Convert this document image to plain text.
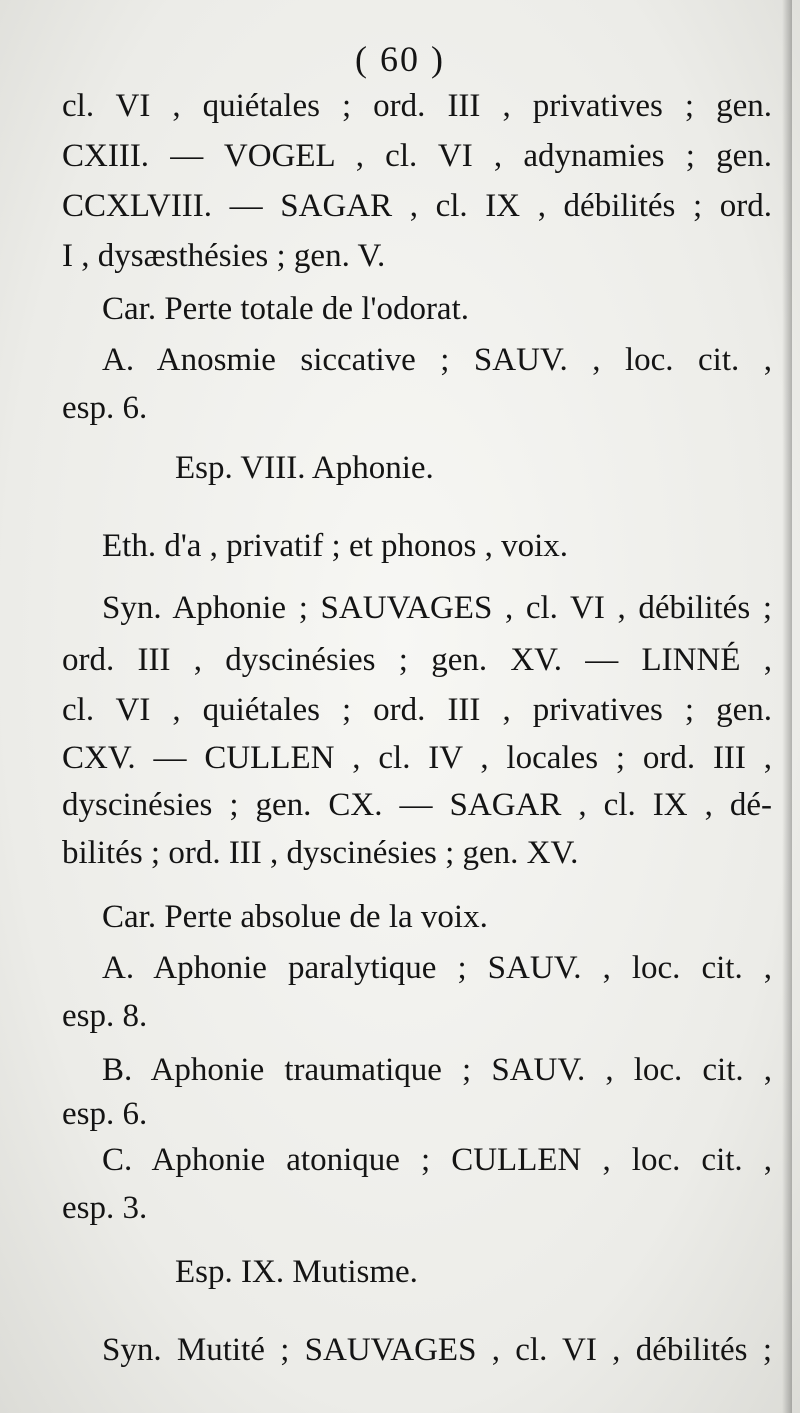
( 60 )
cl. VI , quiétales ; ord. III , privatives ; gen.
CXIII. — VOGEL , cl. VI , adynamies ; gen.
CCXLVIII. — SAGAR , cl. IX , débilités ; ord.
I , dysæsthésies ; gen. V.
Car. Perte totale de l'odorat.
A. Anosmie siccative ; SAUV. , loc. cit. ,
esp. 6.
Esp. VIII. Aphonie.
Eth. d'a , privatif ; et phonos , voix.
Syn. Aphonie ; SAUVAGES , cl. VI , débilités ;
ord. III , dyscinésies ; gen. XV. — LINNÉ ,
cl. VI , quiétales ; ord. III , privatives ; gen.
CXV. — CULLEN , cl. IV , locales ; ord. III ,
dyscinésies ; gen. CX. — SAGAR , cl. IX , dé-
bilités ; ord. III , dyscinésies ; gen. XV.
Car. Perte absolue de la voix.
A. Aphonie paralytique ; SAUV. , loc. cit. ,
esp. 8.
B. Aphonie traumatique ; SAUV. , loc. cit. ,
esp. 6.
C. Aphonie atonique ; CULLEN , loc. cit. ,
esp. 3.
Esp. IX. Mutisme.
Syn. Mutité ; SAUVAGES , cl. VI , débilités ;
